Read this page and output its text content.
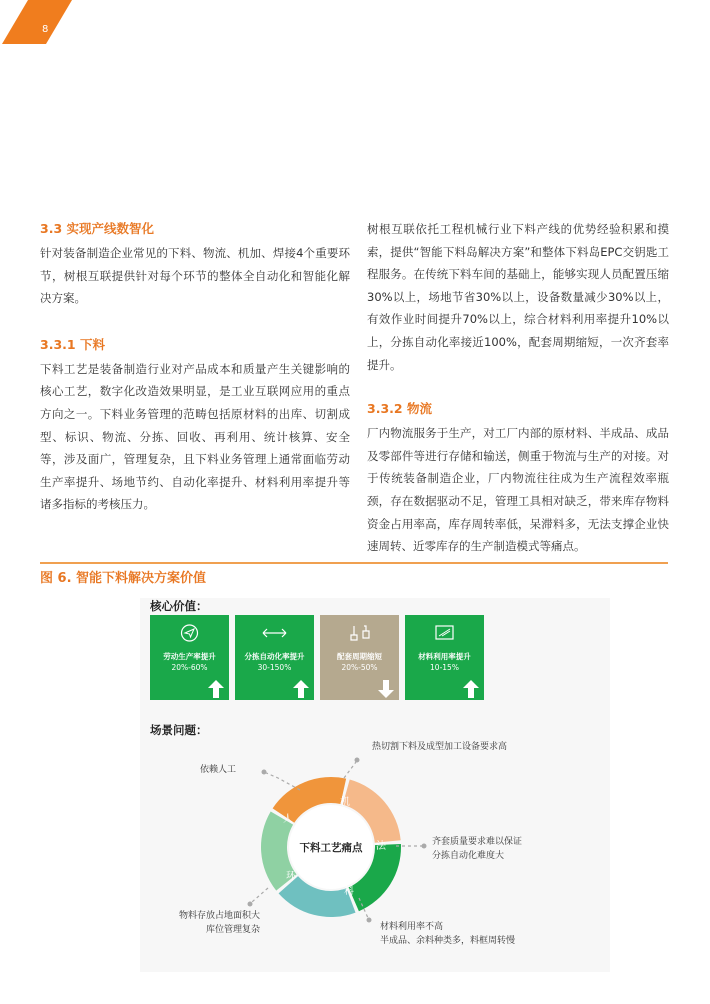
8
3.3 实现产线数智化

针对装备制造企业常见的下料、物流、机加、焊接4个重要环节，树根互联提供针对每个环节的整体全自动化和智能化解决方案。

3.3.1 下料

下料工艺是装备制造行业对产品成本和质量产生关键影响的核心工艺，数字化改造效果明显，是工业互联网应用的重点方向之一。下料业务管理的范畴包括原材料的出库、切割成型、标识、物流、分拣、回收、再利用、统计核算、安全等，涉及面广，管理复杂，且下料业务管理上通常面临劳动生产率提升、场地节约、自动化率提升、材料利用率提升等诸多指标的考核压力。

树根互联依托工程机械行业下料产线的优势经验积累和摸索，提供“智能下料岛解决方案”和整体下料岛EPC交钥匙工程服务。在传统下料车间的基础上，能够实现人员配置压缩30%以上，场地节省30%以上，设备数量减少30%以上，有效作业时间提升70%以上，综合材料利用率提升10%以上，分拣自动化率接近100%，配套周期缩短，一次齐套率提升。

3.3.2 物流

厂内物流服务于生产，对工厂内部的原材料、半成品、成品及零部件等进行存储和输送，侧重于物流与生产的对接。对于传统装备制造企业，厂内物流往往成为生产流程效率瓶颈，存在数据驱动不足，管理工具相对缺乏，带来库存物料资金占用率高，库存周转率低，呆滞料多，无法支撑企业快速周转、近零库存的生产制造模式等痛点。

图 6. 智能下料解决方案价值
核心价值：
场景问题：
劳动生产率提升
20%-60%
分拣自动化率提升
30-150%
配套周期缩短
20%-50%
材料利用率提升
10-15%
下料工艺痛点
人
机
法
料
环
依赖人工
热切割下料及成型加工设备要求高
齐套质量要求难以保证
分拣自动化难度大
材料利用率不高
半成品、余料种类多，料框周转慢
物料存放占地面积大
库位管理复杂
